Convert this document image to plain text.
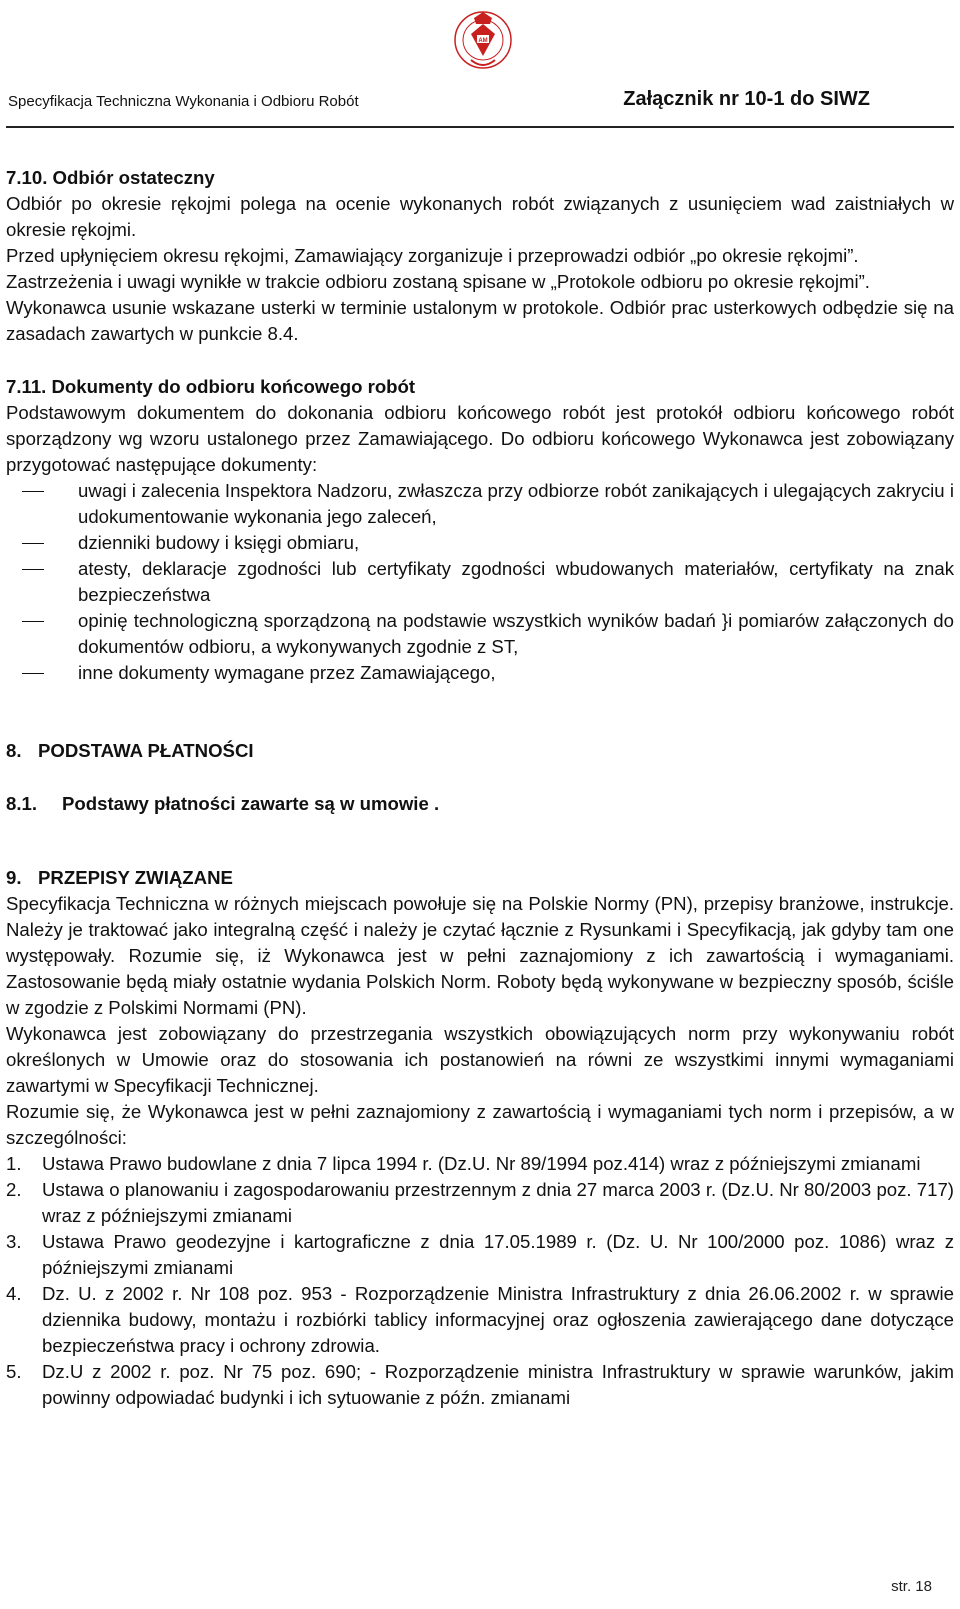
AM
Specyfikacja Techniczna Wykonania i Odbioru Robót	Załącznik nr 10-1 do SIWZ

7.10. Odbiór ostateczny

Odbiór po okresie rękojmi polega na ocenie wykonanych robót związanych z usunięciem wad zaistniałych w okresie rękojmi.

Przed upłynięciem okresu rękojmi, Zamawiający zorganizuje i przeprowadzi odbiór „po okresie rękojmi”.

Zastrzeżenia i uwagi wynikłe w trakcie odbioru zostaną spisane w „Protokole odbioru po okresie rękojmi”.

Wykonawca usunie wskazane usterki w terminie ustalonym w protokole. Odbiór prac usterkowych odbędzie się na zasadach zawartych w punkcie 8.4.

7.11. Dokumenty do odbioru końcowego robót

Podstawowym dokumentem do dokonania odbioru końcowego robót jest protokół odbioru końcowego robót sporządzony wg wzoru ustalonego przez Zamawiającego. Do odbioru końcowego Wykonawca jest zobowiązany przygotować następujące dokumenty:

uwagi i zalecenia Inspektora Nadzoru, zwłaszcza przy odbiorze robót zanikających i ulegających zakryciu i udokumentowanie wykonania jego zaleceń,
dzienniki budowy i księgi obmiaru,
atesty, deklaracje zgodności lub certyfikaty zgodności wbudowanych materiałów, certyfikaty na znak bezpieczeństwa
opinię technologiczną sporządzoną na podstawie wszystkich wyników badań }i pomiarów załączonych do dokumentów odbioru, a wykonywanych zgodnie z ST,
inne dokumenty wymagane przez Zamawiającego,

8. PODSTAWA PŁATNOŚCI

8.1. Podstawy płatności zawarte są w umowie .

9. PRZEPISY ZWIĄZANE

Specyfikacja Techniczna w różnych miejscach powołuje się na Polskie Normy (PN), przepisy branżowe, instrukcje. Należy je traktować jako integralną część i należy je czytać łącznie z Rysunkami i Specyfikacją, jak gdyby tam one występowały. Rozumie się, iż Wykonawca jest w pełni zaznajomiony z ich zawartością i wymaganiami. Zastosowanie będą miały ostatnie wydania Polskich Norm. Roboty będą wykonywane w bezpieczny sposób, ściśle w zgodzie z Polskimi Normami (PN).

Wykonawca jest zobowiązany do przestrzegania wszystkich obowiązujących norm przy wykonywaniu robót określonych w Umowie oraz do stosowania ich postanowień na równi ze wszystkimi innymi wymaganiami zawartymi w Specyfikacji Technicznej.

Rozumie się, że Wykonawca jest w pełni zaznajomiony z zawartością i wymaganiami tych norm i przepisów, a w szczególności:

1. Ustawa Prawo budowlane z dnia 7 lipca 1994 r. (Dz.U. Nr 89/1994 poz.414) wraz z późniejszymi zmianami
2. Ustawa o planowaniu i zagospodarowaniu przestrzennym z dnia 27 marca 2003 r. (Dz.U. Nr 80/2003 poz. 717) wraz z późniejszymi zmianami
3. Ustawa Prawo geodezyjne i kartograficzne z dnia 17.05.1989 r. (Dz. U. Nr 100/2000 poz. 1086) wraz z późniejszymi zmianami
4. Dz. U. z 2002 r. Nr 108 poz. 953 - Rozporządzenie Ministra Infrastruktury z dnia 26.06.2002 r. w sprawie dziennika budowy, montażu i rozbiórki tablicy informacyjnej oraz ogłoszenia zawierającego dane dotyczące bezpieczeństwa pracy i ochrony zdrowia.
5. Dz.U z 2002 r. poz. Nr 75 poz. 690; - Rozporządzenie ministra Infrastruktury w sprawie warunków, jakim powinny odpowiadać budynki i ich sytuowanie z późn. zmianami
str. 18
